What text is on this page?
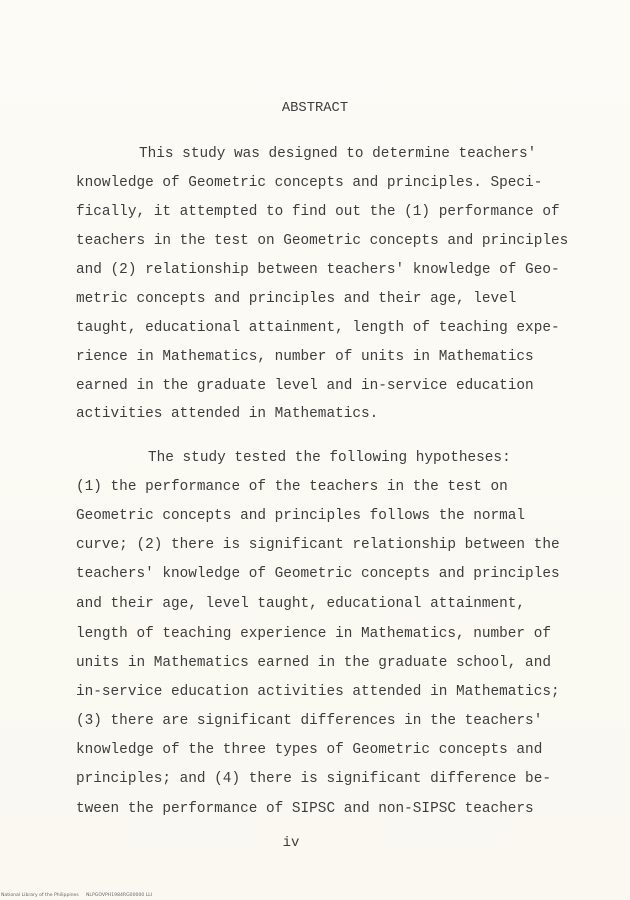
ABSTRACT
This study was designed to determine teachers'
knowledge of Geometric concepts and principles. Speci-
fically, it attempted to find out the (1) performance of
teachers in the test on Geometric concepts and principles
and (2) relationship between teachers' knowledge of Geo-
metric concepts and principles and their age, level
taught, educational attainment, length of teaching expe-
rience in Mathematics, number of units in Mathematics
earned in the graduate level and in-service education
activities attended in Mathematics.
The study tested the following hypotheses:
(1) the performance of the teachers in the test on
Geometric concepts and principles follows the normal
curve; (2) there is significant relationship between the
teachers' knowledge of Geometric concepts and principles
and their age, level taught, educational attainment,
length of teaching experience in Mathematics, number of
units in Mathematics earned in the graduate school, and
in-service education activities attended in Mathematics;
(3) there are significant differences in the teachers'
knowledge of the three types of Geometric concepts and
principles; and (4) there is significant difference be-
tween the performance of SIPSC and non-SIPSC teachers
iv
National Library of the Philippines NLPGOVPH1984RG00000 LLI
